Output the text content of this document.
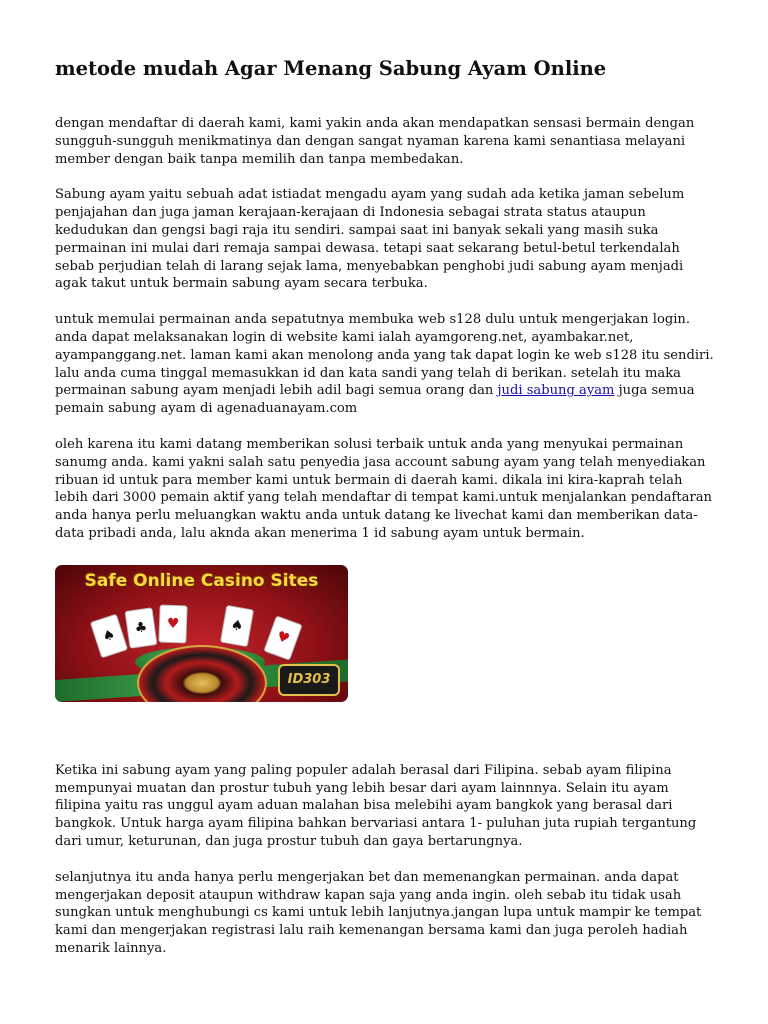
metode mudah Agar Menang Sabung Ayam Online

dengan mendaftar di daerah kami, kami yakin anda akan mendapatkan sensasi bermain dengan sungguh-sungguh menikmatinya dan dengan sangat nyaman karena kami senantiasa melayani member dengan baik tanpa memilih dan tanpa membedakan.

Sabung ayam yaitu sebuah adat istiadat mengadu ayam yang sudah ada ketika jaman sebelum penjajahan dan juga jaman kerajaan-kerajaan di Indonesia sebagai strata status ataupun kedudukan dan gengsi bagi raja itu sendiri. sampai saat ini banyak sekali yang masih suka permainan ini mulai dari remaja sampai dewasa. tetapi saat sekarang betul-betul terkendalah sebab perjudian telah di larang sejak lama, menyebabkan penghobi judi sabung ayam menjadi agak takut untuk bermain sabung ayam secara terbuka.

untuk memulai permainan anda sepatutnya membuka web s128 dulu untuk mengerjakan login. anda dapat melaksanakan login di website kami ialah ayamgoreng.net, ayambakar.net, ayampanggang.net. laman kami akan menolong anda yang tak dapat login ke web s128 itu sendiri. lalu anda cuma tinggal memasukkan id dan kata sandi yang telah di berikan. setelah itu maka permainan sabung ayam menjadi lebih adil bagi semua orang dan judi sabung ayam juga semua pemain sabung ayam di agenaduanayam.com

oleh karena itu kami datang memberikan solusi terbaik untuk anda yang menyukai permainan sanumg anda. kami yakni salah satu penyedia jasa account sabung ayam yang telah menyediakan ribuan id untuk para member kami untuk bermain di daerah kami. dikala ini kira-kaprah telah lebih dari 3000 pemain aktif yang telah mendaftar di tempat kami.untuk menjalankan pendaftaran anda hanya perlu meluangkan waktu anda untuk datang ke livechat kami dan memberikan data-data pribadi anda, lalu aknda akan menerima 1 id sabung ayam untuk bermain.

Safe Online Casino Sites
♠	♣	♥	♠
♥
ID303

Ketika ini sabung ayam yang paling populer adalah berasal dari Filipina. sebab ayam filipina mempunyai muatan dan prostur tubuh yang lebih besar dari ayam lainnnya. Selain itu ayam filipina yaitu ras unggul ayam aduan malahan bisa melebihi ayam bangkok yang berasal dari bangkok. Untuk harga ayam filipina bahkan bervariasi antara 1- puluhan juta rupiah tergantung dari umur, keturunan, dan juga prostur tubuh dan gaya bertarungnya.

selanjutnya itu anda hanya perlu mengerjakan bet dan memenangkan permainan. anda dapat mengerjakan deposit ataupun withdraw kapan saja yang anda ingin. oleh sebab itu tidak usah sungkan untuk menghubungi cs kami untuk lebih lanjutnya.jangan lupa untuk mampir ke tempat kami dan mengerjakan registrasi lalu raih kemenangan bersama kami dan juga peroleh hadiah menarik lainnya.
